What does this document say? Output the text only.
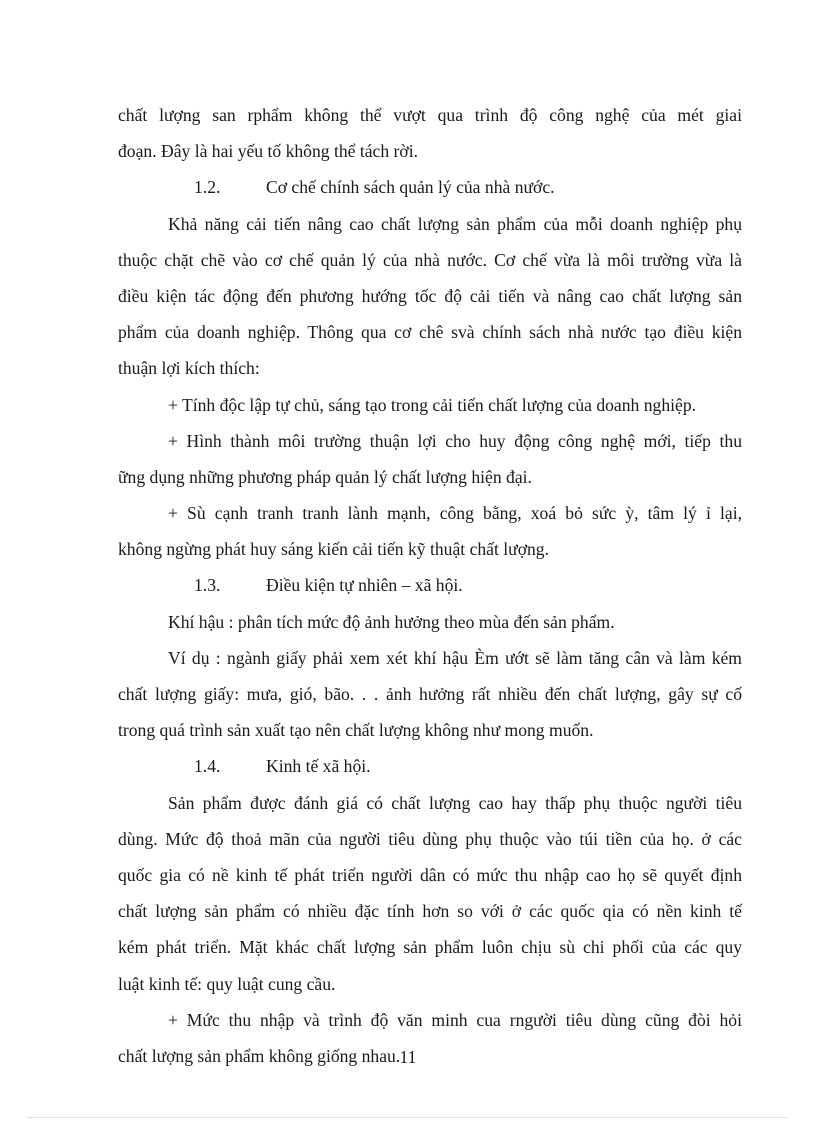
chất lượng san rphẩm không thể vượt qua trình độ công nghệ của mét giai
đoạn. Đây là hai yếu tố không thể tách rời.
1.2.	Cơ chế chính sách quản lý của nhà nước.
Khả năng cải tiến nâng cao chất lượng sản phẩm của mỗi doanh nghiệp phụ
thuộc chặt chẽ vào cơ chế quản lý của nhà nước. Cơ chế vừa là môi trường vừa là
điều kiện tác động đến phương hướng tốc độ cải tiến và nâng cao chất lượng sản
phẩm của doanh nghiệp. Thông qua cơ chê svà chính sách nhà nước tạo điều kiện
thuận lợi kích thích:
+ Tính độc lập tự chủ, sáng tạo trong cải tiến chất lượng của doanh nghiệp.
+ Hình thành môi trường thuận lợi cho huy động công nghệ mới, tiếp thu
ững dụng những phương pháp quản lý chất lượng hiện đại.
+ Sù cạnh tranh tranh lành mạnh, công bằng, xoá bỏ sức ỳ, tâm lý ỉ lại,
không ngừng phát huy sáng kiến cải tiến kỹ thuật chất lượng.
1.3.	Điều kiện tự nhiên – xã hội.
Khí hậu : phân tích mức độ ảnh hưởng theo mùa đến sản phẩm.
Ví dụ : ngành giấy phải xem xét khí hậu Èm ướt sẽ làm tăng cân và làm kém
chất lượng giấy: mưa, gió, bão. . . ảnh hưởng rất nhiều đến chất lượng, gây sự cố
trong quá trình sản xuất tạo nên chất lượng không như mong muốn.
1.4.	Kinh tế xã hội.
Sản phẩm được đánh giá có chất lượng cao hay thấp phụ thuộc người tiêu
dùng. Mức độ thoả mãn của người tiêu dùng phụ thuộc vào túi tiền của họ. ở các
quốc gia có nề kinh tế phát triển người dân có mức thu nhập cao họ sẽ quyết định
chất lượng sản phẩm có nhiều đặc tính hơn so với ở các quốc qia có nền kinh tế
kém phát triển. Mặt khác chất lượng sản phẩm luôn chịu sù chi phối của các quy
luật kinh tế: quy luật cung cầu.
+ Mức thu nhập và trình độ văn minh cua rngười tiêu dùng cũng đòi hỏi
chất lượng sản phẩm không giống nhau. 11
